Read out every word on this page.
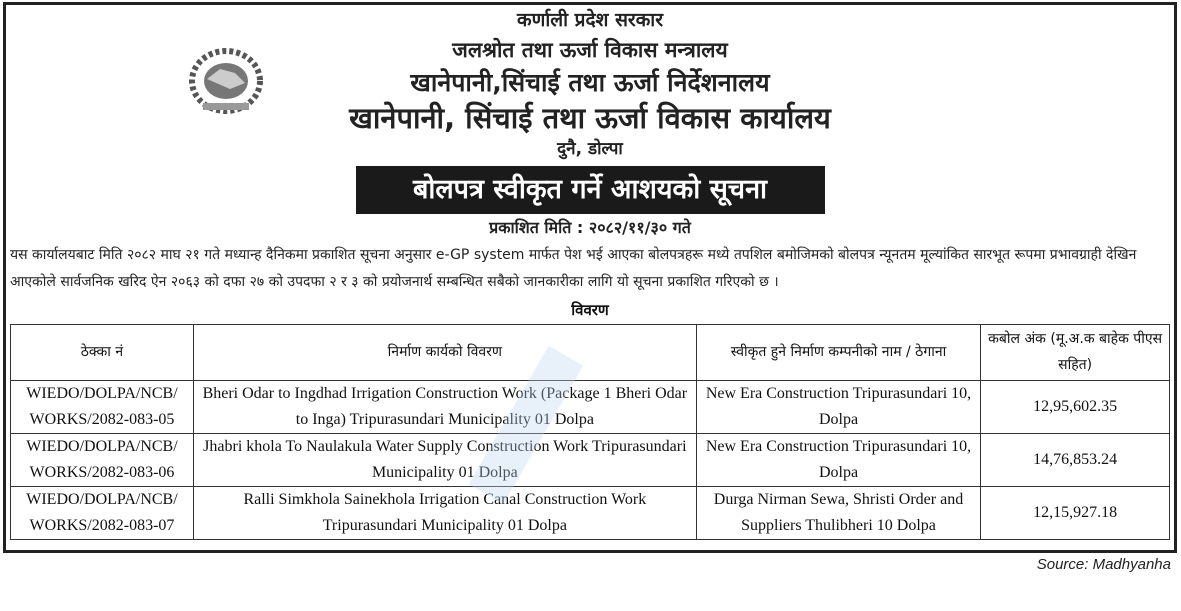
कर्णाली प्रदेश सरकार
जलश्रोत तथा ऊर्जा विकास मन्त्रालय
खानेपानी,सिंचाई तथा ऊर्जा निर्देशनालय
खानेपानी, सिंचाई तथा ऊर्जा विकास कार्यालय
दुनै, डोल्पा
बोलपत्र स्वीकृत गर्ने आशयको सूचना
प्रकाशित मिति : २०८२/११/३० गते
यस कार्यालयबाट मिति २०८२ माघ २१ गते मध्यान्ह दैनिकमा प्रकाशित सूचना अनुसार e-GP system मार्फत पेश भई आएका बोलपत्रहरू मध्ये तपशिल बमोजिमको बोलपत्र न्यूनतम मूल्यांकित सारभूत रूपमा प्रभावग्राही देखिन आएकोले सार्वजनिक खरिद ऐन २०६३ को दफा २७ को उपदफा २ र ३ को प्रयोजनार्थ सम्बन्धित सबैको जानकारीका लागि यो सूचना प्रकाशित गरिएको छ ।
विवरण
ठेक्का नं	निर्माण कार्यको विवरण	स्वीकृत हुने निर्माण कम्पनीको नाम / ठेगाना	कबोल अंक (मू.अ.क बाहेक पीएस सहित)
WIEDO/DOLPA/NCB/ WORKS/2082-083-05	Bheri Odar to Ingdhad Irrigation Construction Work (Package 1 Bheri Odar to Inga) Tripurasundari Municipality 01 Dolpa	New Era Construction Tripurasundari 10, Dolpa	12,95,602.35
WIEDO/DOLPA/NCB/ WORKS/2082-083-06	Jhabri khola To Naulakula Water Supply Construction Work Tripurasundari Municipality 01 Dolpa	New Era Construction Tripurasundari 10, Dolpa	14,76,853.24
WIEDO/DOLPA/NCB/ WORKS/2082-083-07	Ralli Simkhola Sainekhola Irrigation Canal Construction Work Tripurasundari Municipality 01 Dolpa	Durga Nirman Sewa, Shristi Order and Suppliers Thulibheri 10 Dolpa	12,15,927.18
Source: Madhyanha
